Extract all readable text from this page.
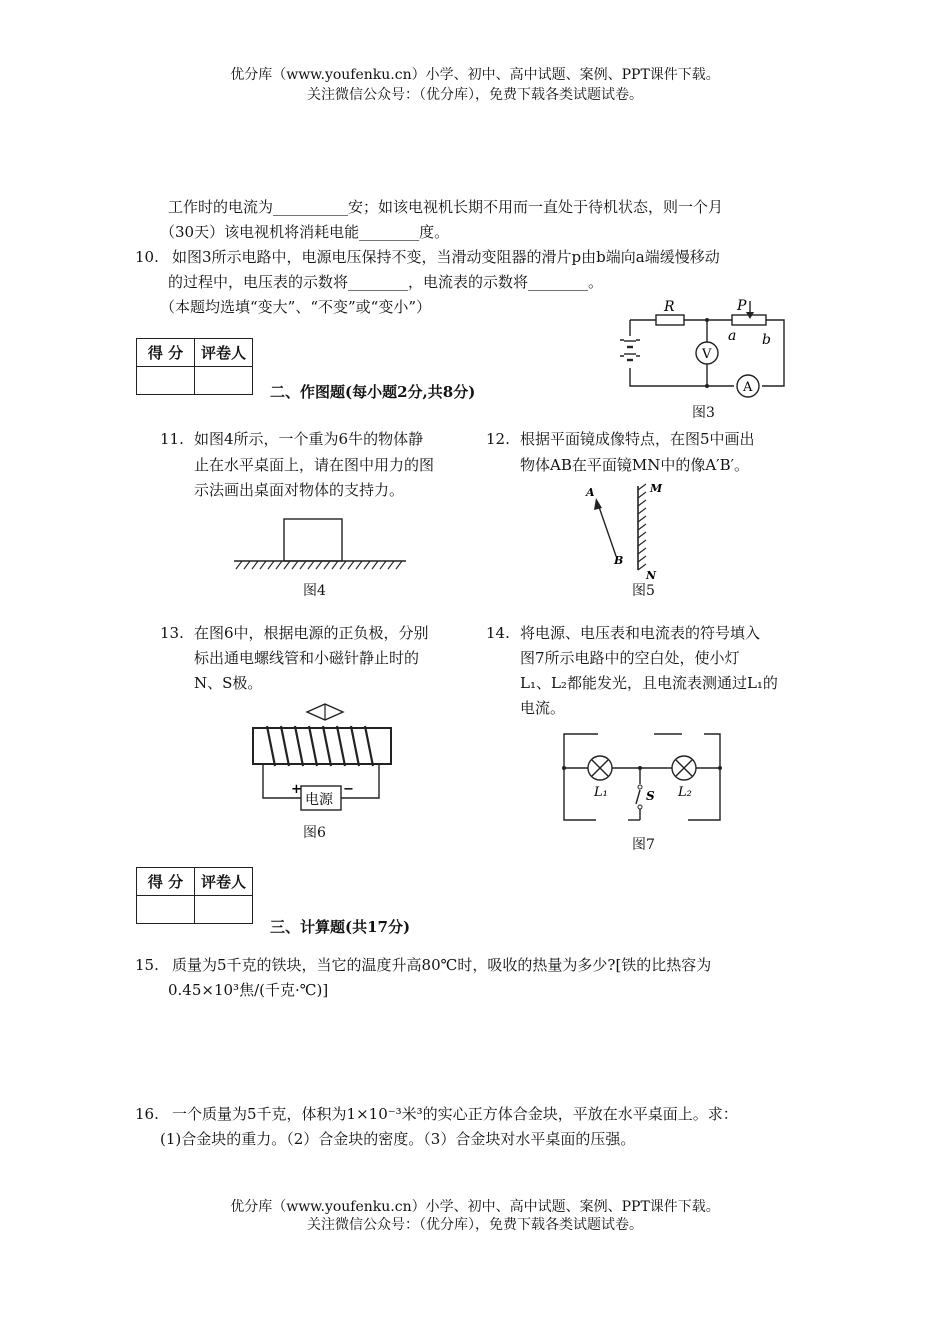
优分库（www.youfenku.cn）小学、初中、高中试题、案例、PPT课件下载。
关注微信公众号：（优分库），免费下载各类试题试卷。
工作时的电流为__________安；如该电视机长期不用而一直处于待机状态，则一个月
（30天）该电视机将消耗电能________度。
10. 如图3所示电路中，电源电压保持不变，当滑动变阻器的滑片p由b端向a端缓慢移动
的过程中，电压表的示数将________，电流表的示数将________。
（本题均选填“变大”、“不变”或“变小”）
得 分	评卷人

二、作图题(每小题2分,共8分)
R	P
a b
V
A
图3
11. 如图4所示，一个重为6牛的物体静
止在水平桌面上，请在图中用力的图
示法画出桌面对物体的支持力。
图4
12. 根据平面镜成像特点，在图5中画出
物体AB在平面镜MN中的像A′B′。
A
B
M
N
图5
13. 在图6中，根据电源的正负极，分别
标出通电螺线管和小磁针静止时的
N、S极。
电源
+	−
图6
14. 将电源、电压表和电流表的符号填入
图7所示电路中的空白处，使小灯
L₁、L₂都能发光，且电流表测通过L₁的
电流。
L₁	L₂
S
图7
得 分	评卷人

三、计算题(共17分)
15. 质量为5千克的铁块，当它的温度升高80℃时，吸收的热量为多少?[铁的比热容为
0.45×10³焦/(千克·℃)]
16. 一个质量为5千克，体积为1×10⁻³米³的实心正方体合金块，平放在水平桌面上。求：
(1)合金块的重力。（2）合金块的密度。（3）合金块对水平桌面的压强。
优分库（www.youfenku.cn）小学、初中、高中试题、案例、PPT课件下载。
关注微信公众号：（优分库），免费下载各类试题试卷。
